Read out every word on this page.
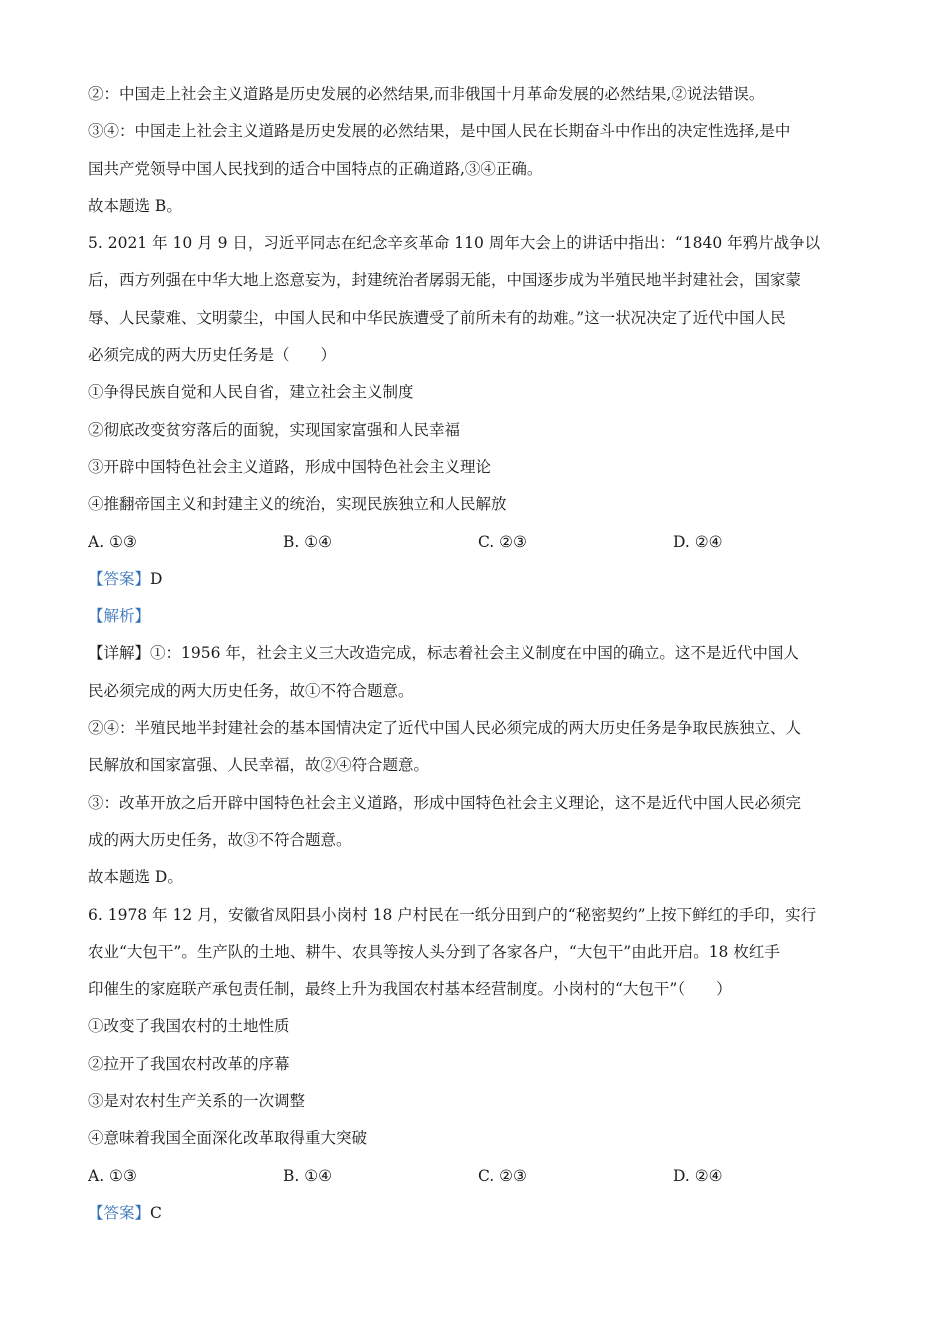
②：中国走上社会主义道路是历史发展的必然结果,而非俄国十月革命发展的必然结果,②说法错误。
③④：中国走上社会主义道路是历史发展的必然结果，是中国人民在长期奋斗中作出的决定性选择,是中
国共产党领导中国人民找到的适合中国特点的正确道路,③④正确。
故本题选 B。
5. 2021 年 10 月 9 日，习近平同志在纪念辛亥革命 110 周年大会上的讲话中指出：“1840 年鸦片战争以
后，西方列强在中华大地上恣意妄为，封建统治者孱弱无能，中国逐步成为半殖民地半封建社会，国家蒙
辱、人民蒙难、文明蒙尘，中国人民和中华民族遭受了前所未有的劫难。”这一状况决定了近代中国人民
必须完成的两大历史任务是（　　）
①争得民族自觉和人民自省，建立社会主义制度
②彻底改变贫穷落后的面貌，实现国家富强和人民幸福
③开辟中国特色社会主义道路，形成中国特色社会主义理论
④推翻帝国主义和封建主义的统治，实现民族独立和人民解放
A. ①③	B. ①④	C. ②③	D. ②④
【答案】D
【解析】
【详解】①：1956 年，社会主义三大改造完成，标志着社会主义制度在中国的确立。这不是近代中国人
民必须完成的两大历史任务，故①不符合题意。
②④：半殖民地半封建社会的基本国情决定了近代中国人民必须完成的两大历史任务是争取民族独立、人
民解放和国家富强、人民幸福，故②④符合题意。
③：改革开放之后开辟中国特色社会主义道路，形成中国特色社会主义理论，这不是近代中国人民必须完
成的两大历史任务，故③不符合题意。
故本题选 D。
6. 1978 年 12 月，安徽省凤阳县小岗村 18 户村民在一纸分田到户的“秘密契约”上按下鲜红的手印，实行
农业“大包干”。生产队的土地、耕牛、农具等按人头分到了各家各户，“大包干”由此开启。18 枚红手
印催生的家庭联产承包责任制，最终上升为我国农村基本经营制度。小岗村的“大包干”（　　）
①改变了我国农村的土地性质
②拉开了我国农村改革的序幕
③是对农村生产关系的一次调整
④意味着我国全面深化改革取得重大突破
A. ①③	B. ①④	C. ②③	D. ②④
【答案】C
